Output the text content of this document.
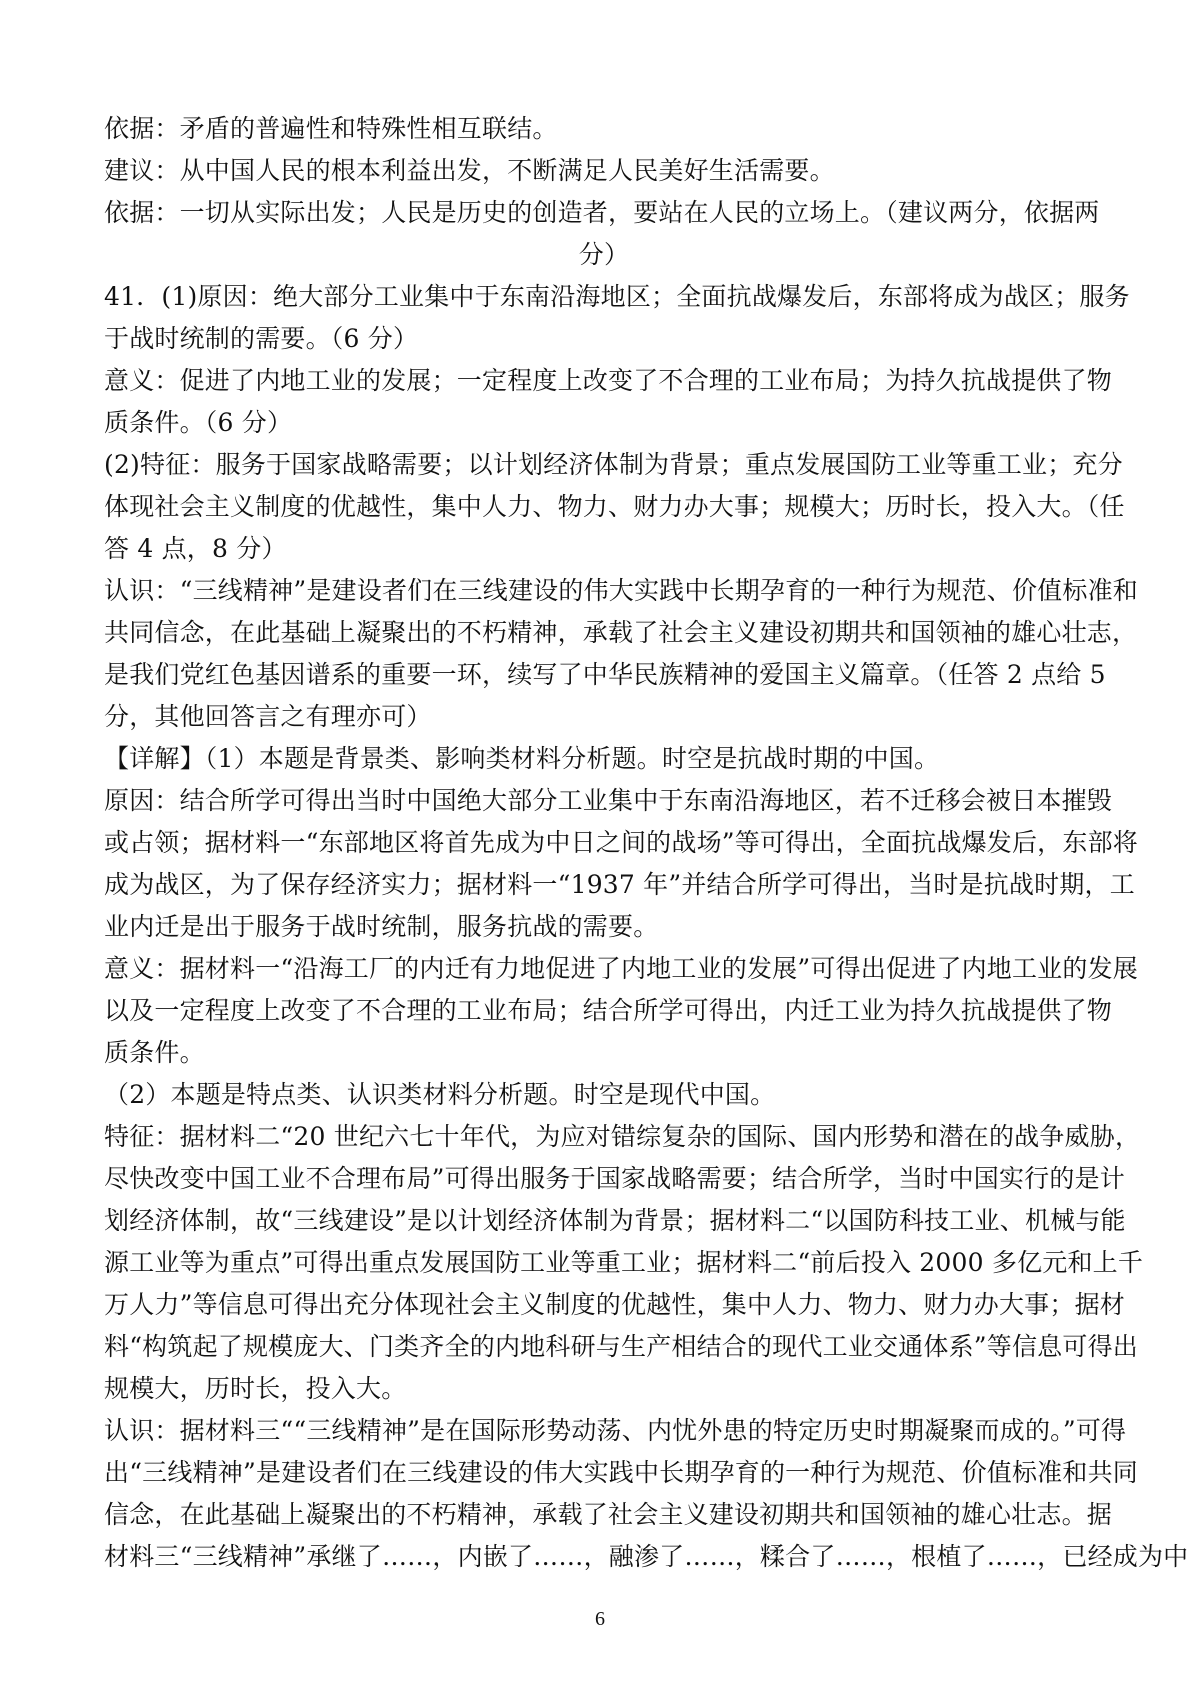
依据：矛盾的普遍性和特殊性相互联结。
建议：从中国人民的根本利益出发，不断满足人民美好生活需要。
依据：一切从实际出发；人民是历史的创造者，要站在人民的立场上。（建议两分，依据两
分）
41．(1)原因：绝大部分工业集中于东南沿海地区；全面抗战爆发后，东部将成为战区；服务
于战时统制的需要。（6 分）
意义：促进了内地工业的发展；一定程度上改变了不合理的工业布局；为持久抗战提供了物
质条件。（6 分）
(2)特征：服务于国家战略需要；以计划经济体制为背景；重点发展国防工业等重工业；充分
体现社会主义制度的优越性，集中人力、物力、财力办大事；规模大；历时长，投入大。（任
答 4 点，8 分）
认识：“三线精神”是建设者们在三线建设的伟大实践中长期孕育的一种行为规范、价值标准和
共同信念，在此基础上凝聚出的不朽精神，承载了社会主义建设初期共和国领袖的雄心壮志，
是我们党红色基因谱系的重要一环，续写了中华民族精神的爱国主义篇章。（任答 2 点给 5
分，其他回答言之有理亦可）
【详解】（1）本题是背景类、影响类材料分析题。时空是抗战时期的中国。
原因：结合所学可得出当时中国绝大部分工业集中于东南沿海地区，若不迁移会被日本摧毁
或占领；据材料一“东部地区将首先成为中日之间的战场”等可得出，全面抗战爆发后，东部将
成为战区，为了保存经济实力；据材料一“1937 年”并结合所学可得出，当时是抗战时期，工
业内迁是出于服务于战时统制，服务抗战的需要。
意义：据材料一“沿海工厂的内迁有力地促进了内地工业的发展”可得出促进了内地工业的发展
以及一定程度上改变了不合理的工业布局；结合所学可得出，内迁工业为持久抗战提供了物
质条件。
（2）本题是特点类、认识类材料分析题。时空是现代中国。
特征：据材料二“20 世纪六七十年代，为应对错综复杂的国际、国内形势和潜在的战争威胁，
尽快改变中国工业不合理布局”可得出服务于国家战略需要；结合所学，当时中国实行的是计
划经济体制，故“三线建设”是以计划经济体制为背景；据材料二“以国防科技工业、机械与能
源工业等为重点”可得出重点发展国防工业等重工业；据材料二“前后投入 2000 多亿元和上千
万人力”等信息可得出充分体现社会主义制度的优越性，集中人力、物力、财力办大事；据材
料“构筑起了规模庞大、门类齐全的内地科研与生产相结合的现代工业交通体系”等信息可得出
规模大，历时长，投入大。
认识：据材料三““三线精神”是在国际形势动荡、内忧外患的特定历史时期凝聚而成的。”可得
出“三线精神”是建设者们在三线建设的伟大实践中长期孕育的一种行为规范、价值标准和共同
信念，在此基础上凝聚出的不朽精神，承载了社会主义建设初期共和国领袖的雄心壮志。据
材料三“三线精神”承继了……，内嵌了……，融渗了……，糅合了……，根植了……，已经成为中
6
